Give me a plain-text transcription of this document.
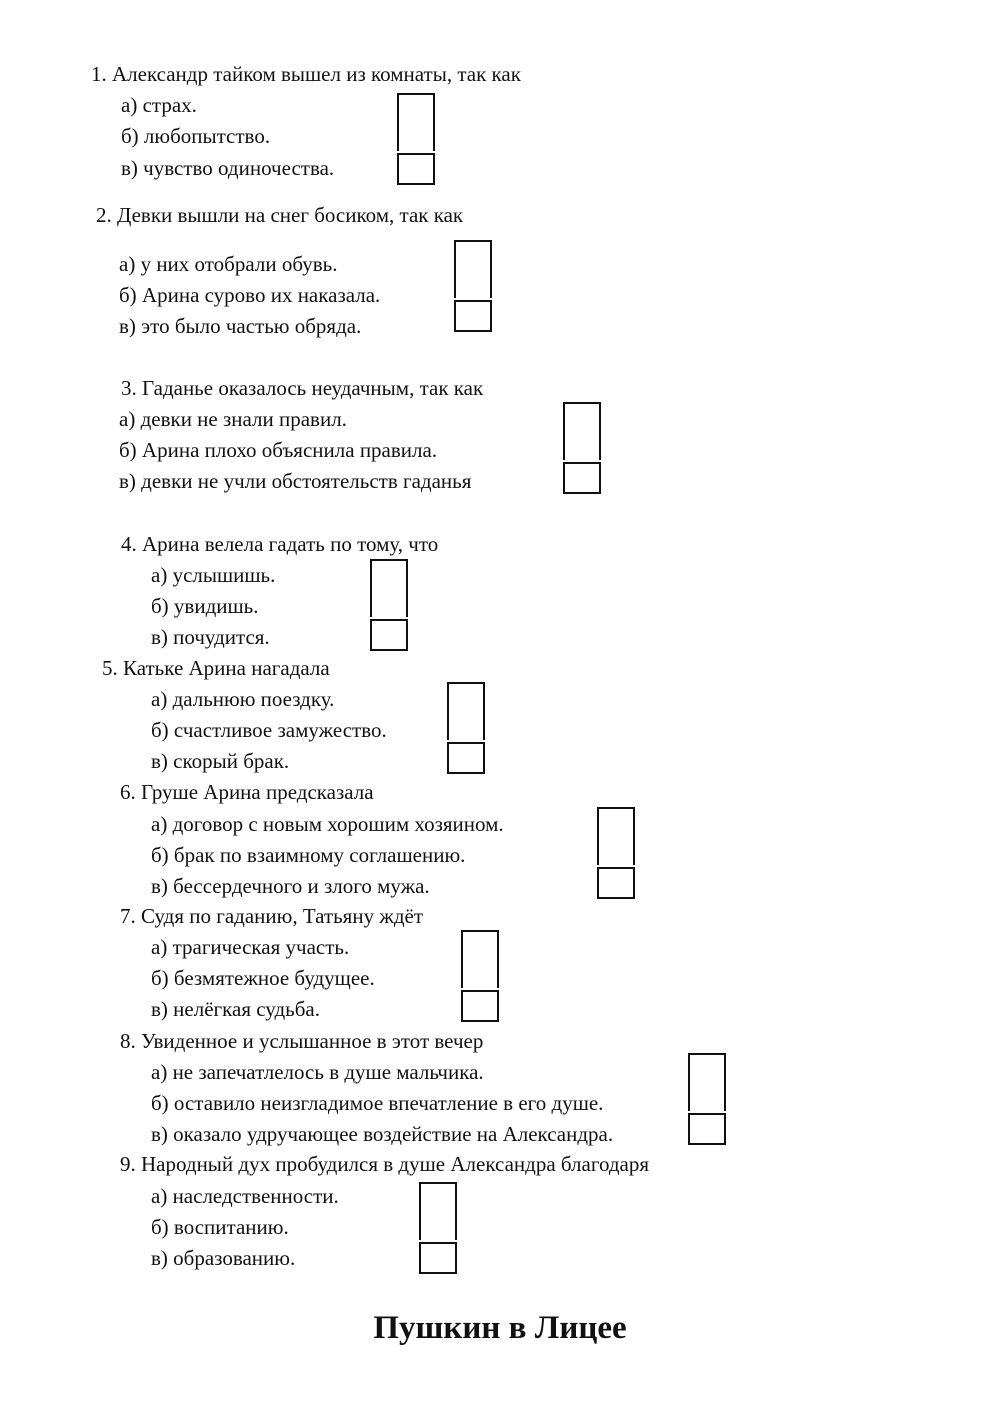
1. Александр тайком вышел из комнаты, так как
а) страх.
б) любопытство.
в) чувство одиночества.
2. Девки вышли на снег босиком, так как
а) у них отобрали обувь.
б) Арина сурово их наказала.
в) это было частью обряда.
3. Гаданье оказалось неудачным, так как
а) девки не знали правил.
б) Арина плохо объяснила правила.
в) девки не учли обстоятельств гаданья
4. Арина велела гадать по тому, что
а) услышишь.
б) увидишь.
в) почудится.
5. Катьке Арина нагадала
а) дальнюю поездку.
б) счастливое замужество.
в) скорый брак.
6. Груше Арина предсказала
а) договор с новым хорошим хозяином.
б) брак по взаимному соглашению.
в) бессердечного и злого мужа.
7. Судя по гаданию, Татьяну ждёт
а) трагическая участь.
б) безмятежное будущее.
в) нелёгкая судьба.
8. Увиденное и услышанное в этот вечер
а) не запечатлелось в душе мальчика.
б) оставило неизгладимое впечатление в его душе.
в) оказало удручающее воздействие на Александра.
9. Народный дух пробудился в душе Александра благодаря
а) наследственности.
б) воспитанию.
в) образованию.
Пушкин в Лицее
